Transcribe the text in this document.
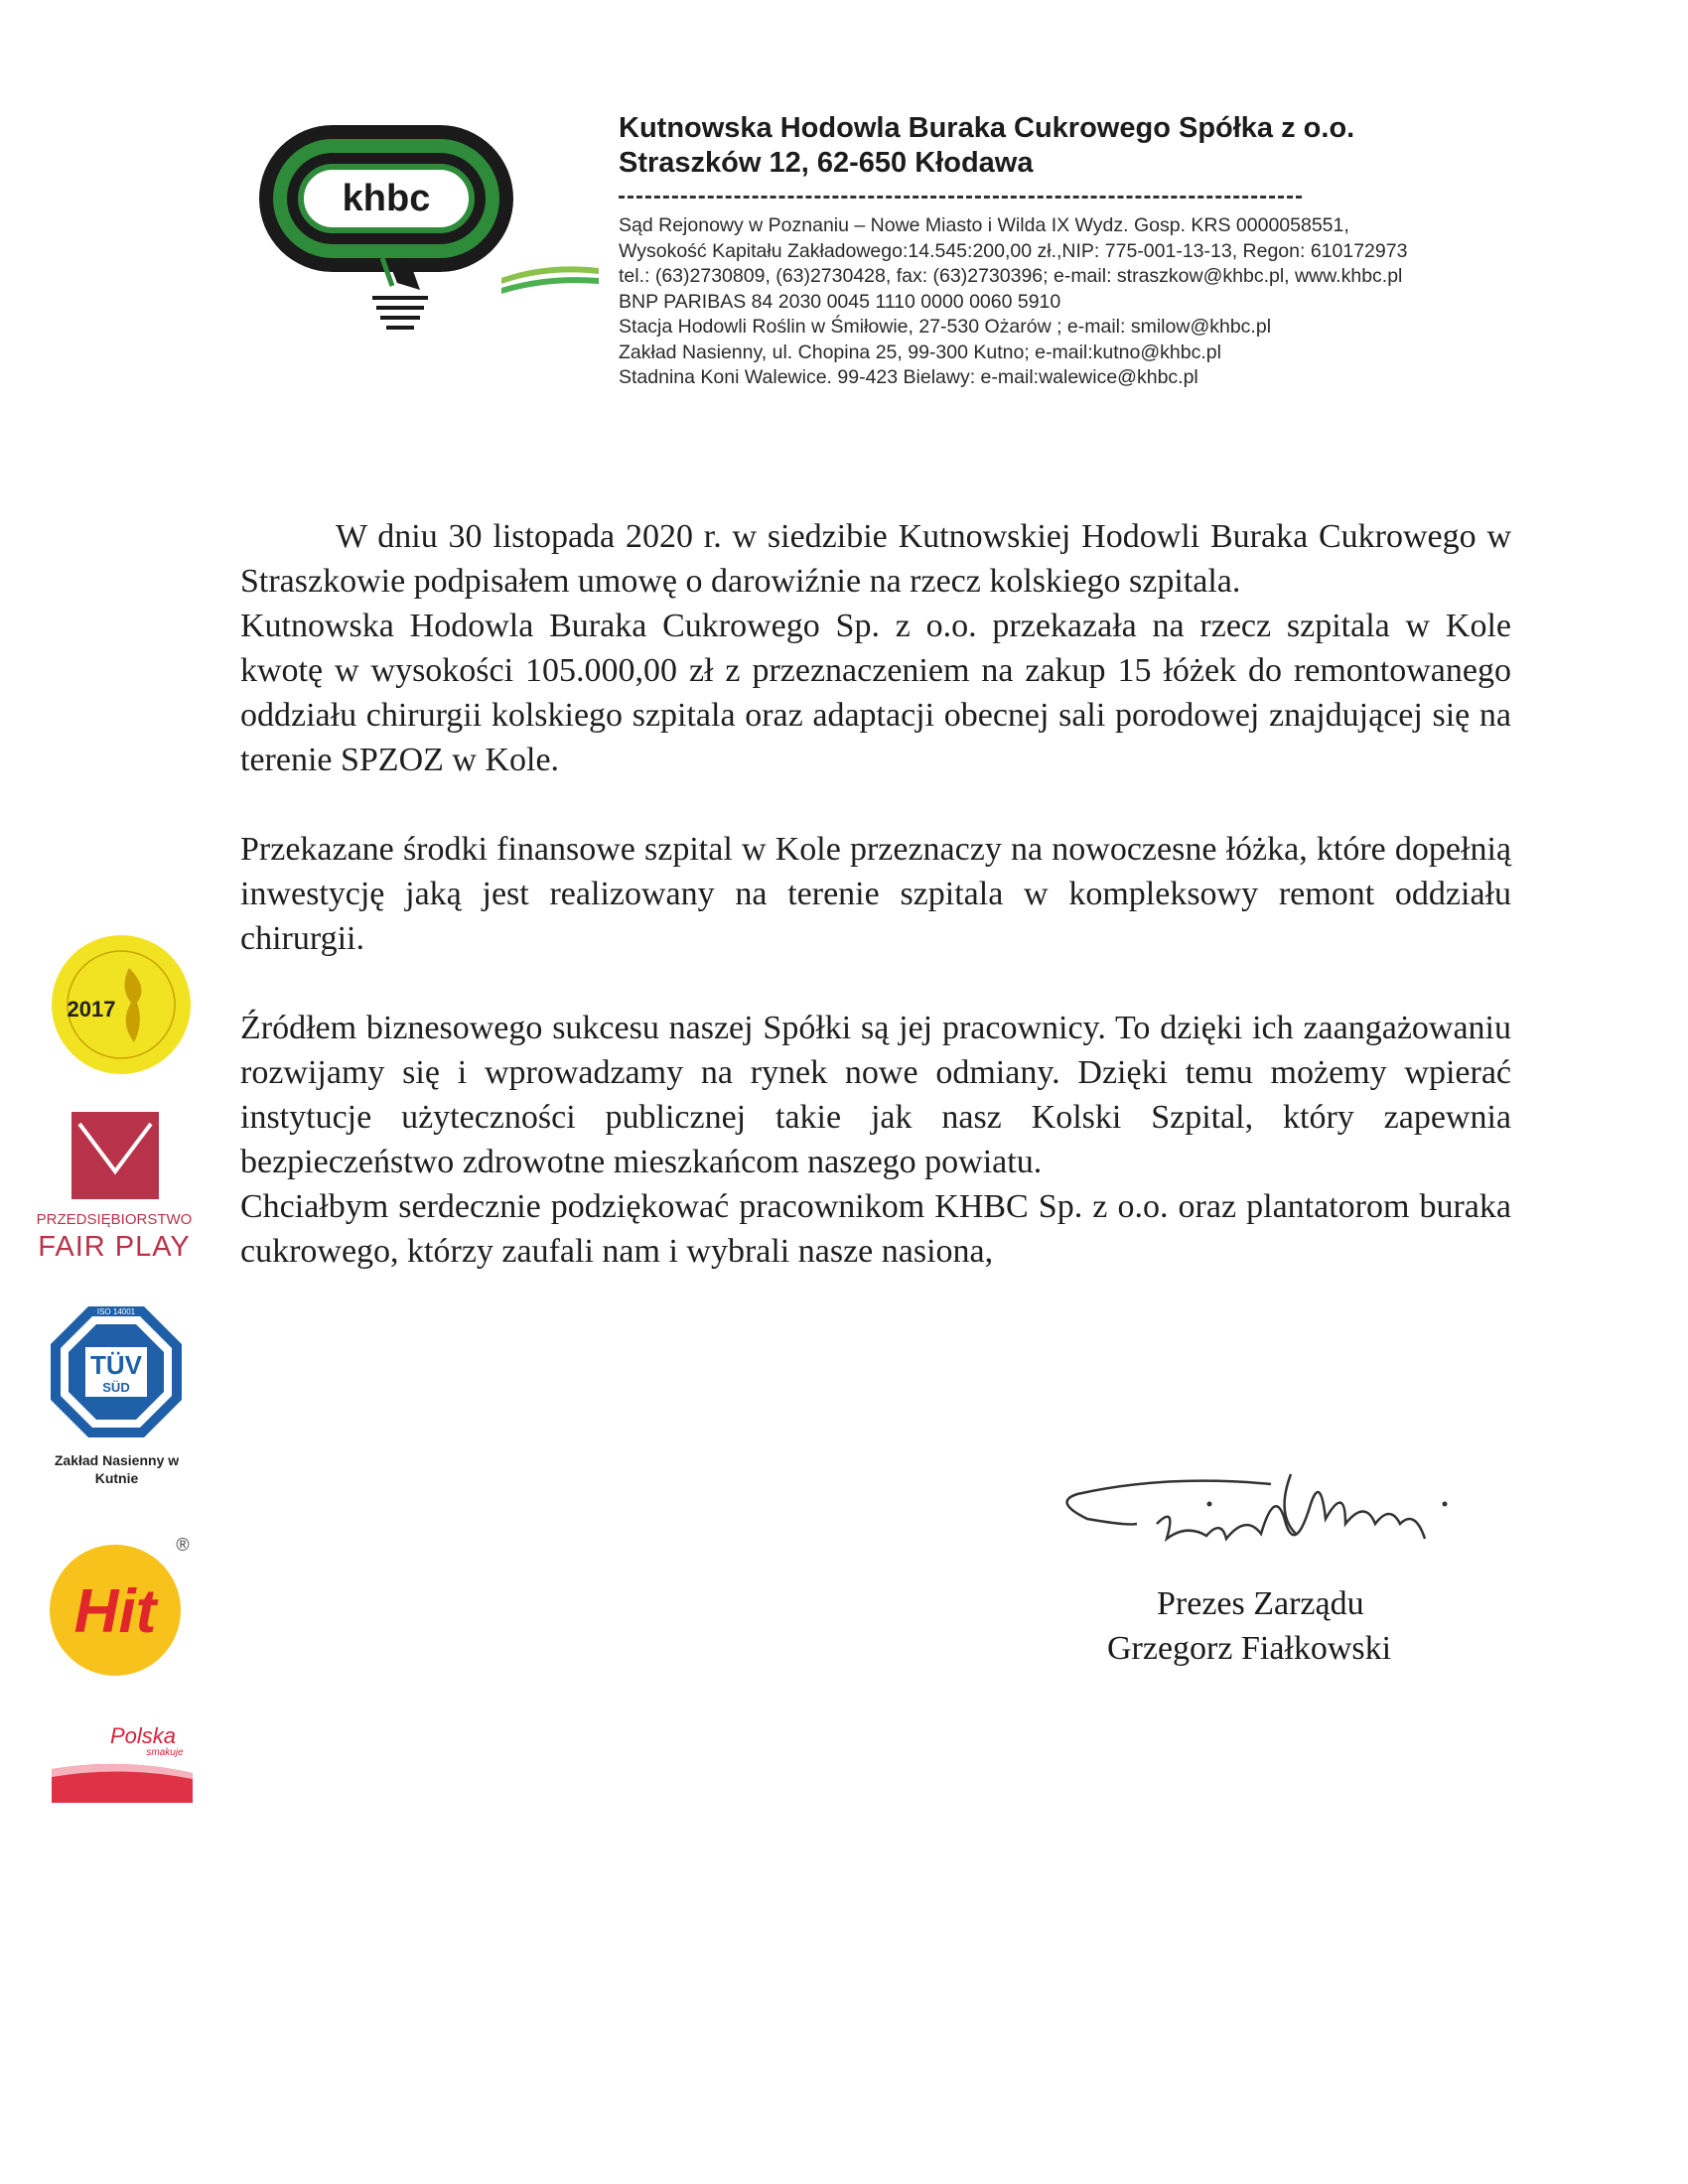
khbc
Kutnowska Hodowla Buraka Cukrowego Spółka z o.o.
Straszków 12, 62-650 Kłodawa
Sąd Rejonowy w Poznaniu – Nowe Miasto i Wilda IX Wydz. Gosp. KRS 0000058551,
Wysokość Kapitału Zakładowego:14.545:200,00 zł.,NIP: 775-001-13-13, Regon: 610172973
tel.: (63)2730809, (63)2730428, fax: (63)2730396; e-mail: straszkow@khbc.pl, www.khbc.pl
BNP PARIBAS 84 2030 0045 1110 0000 0060 5910
Stacja Hodowli Roślin w Śmiłowie, 27-530 Ożarów ; e-mail: smilow@khbc.pl
Zakład Nasienny, ul. Chopina 25, 99-300 Kutno; e-mail:kutno@khbc.pl
Stadnina Koni Walewice. 99-423 Bielawy: e-mail:walewice@khbc.pl

W dniu 30 listopada 2020 r. w siedzibie Kutnowskiej Hodowli Buraka Cukrowego w Straszkowie podpisałem umowę o darowiźnie na rzecz kolskiego szpitala.

Kutnowska Hodowla Buraka Cukrowego Sp. z o.o. przekazała na rzecz szpitala w Kole kwotę w wysokości 105.000,00 zł z przeznaczeniem na zakup 15 łóżek do remontowanego oddziału chirurgii kolskiego szpitala oraz adaptacji obecnej sali porodowej znajdującej się na terenie SPZOZ w Kole.

Przekazane środki finansowe szpital w Kole przeznaczy na nowoczesne łóżka, które dopełnią inwestycję jaką jest realizowany na terenie szpitala w kompleksowy remont oddziału chirurgii.

Źródłem biznesowego sukcesu naszej Spółki są jej pracownicy. To dzięki ich zaangażowaniu rozwijamy się i wprowadzamy na rynek nowe odmiany. Dzięki temu możemy wpierać instytucje użyteczności publicznej takie jak nasz Kolski Szpital, który zapewnia bezpieczeństwo zdrowotne mieszkańcom naszego powiatu.

Chciałbym serdecznie podziękować pracownikom KHBC Sp. z o.o. oraz plantatorom buraka cukrowego, którzy zaufali nam i wybrali nasze nasiona,

Prezes Zarządu
Grzegorz Fiałkowski
2017
PRZEDSIĘBIORSTWO
FAIR PLAY
ISO 14001
TÜV
SÜD
Zakład Nasienny w Kutnie
Hit
®
Polska
smakuje
